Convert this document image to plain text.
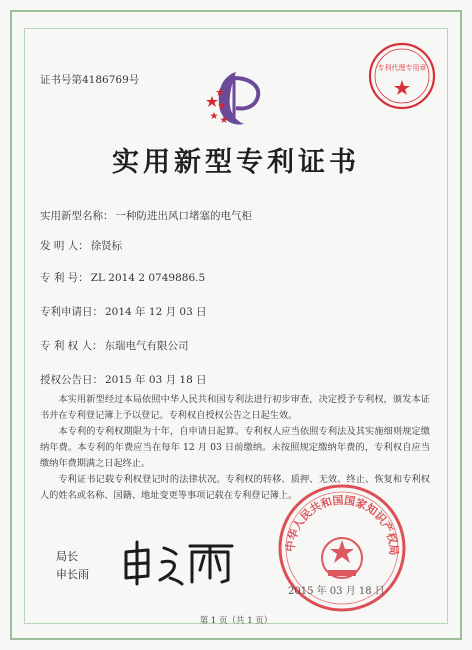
证书号第4186769号
专利代理专用章
实用新型专利证书
实用新型名称： 一种防进出风口堵塞的电气柜
发 明 人： 徐贤标
专 利 号： ZL 2014 2 0749886.5
专利申请日： 2014 年 12 月 03 日
专 利 权 人： 东瑞电气有限公司
授权公告日： 2015 年 03 月 18 日

本实用新型经过本局依照中华人民共和国专利法进行初步审查，决定授予专利权，颁发本证书并在专利登记簿上予以登记。专利权自授权公告之日起生效。

本专利的专利权期限为十年，自申请日起算。专利权人应当依照专利法及其实施细则规定缴纳年费。本专利的年费应当在每年 12 月 03 日前缴纳。未按照规定缴纳年费的，专利权自应当缴纳年费期满之日起终止。

专利证书记载专利权登记时的法律状况。专利权的转移、质押、无效、终止、恢复和专利权人的姓名或名称、国籍、地址变更等事项记载在专利登记簿上。

中华人民共和国国家知识产权局
局长
申长雨
2015 年 03 月 18 日
第 1 页（共 1 页）
